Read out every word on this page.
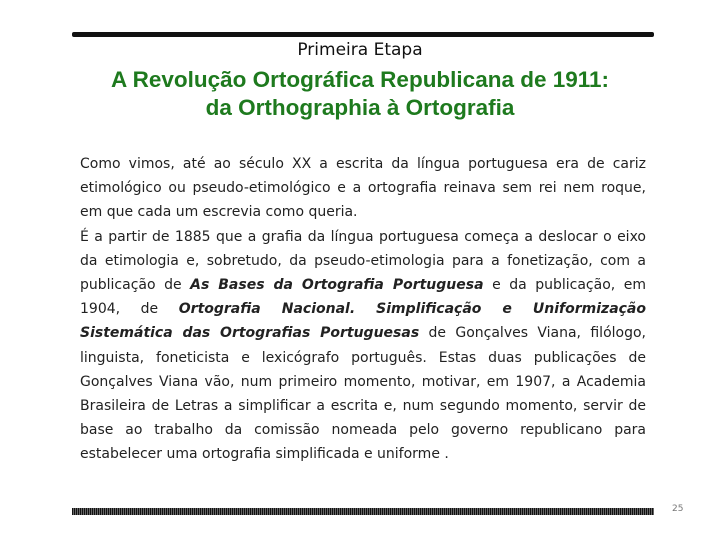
Primeira Etapa
A Revolução Ortográfica Republicana de 1911:
da Orthographia à Ortografia

Como vimos, até ao século XX a escrita da língua portuguesa era de cariz etimológico ou pseudo-etimológico e a ortografia reinava sem rei nem roque, em que cada um escrevia como queria.

É a partir de 1885 que a grafia da língua portuguesa começa a deslocar o eixo da etimologia e, sobretudo, da pseudo-etimologia para a fonetização, com a publicação de As Bases da Ortografia Portuguesa e da publicação, em 1904, de Ortografia Nacional. Simplificação e Uniformização Sistemática das Ortografias Portuguesas de Gonçalves Viana, filólogo, linguista, foneticista e lexicógrafo português. Estas duas publicações de Gonçalves Viana vão, num primeiro momento, motivar, em 1907, a Academia Brasileira de Letras a simplificar a escrita e, num segundo momento, servir de base ao trabalho da comissão nomeada pelo governo republicano para estabelecer uma ortografia simplificada e uniforme .

25
